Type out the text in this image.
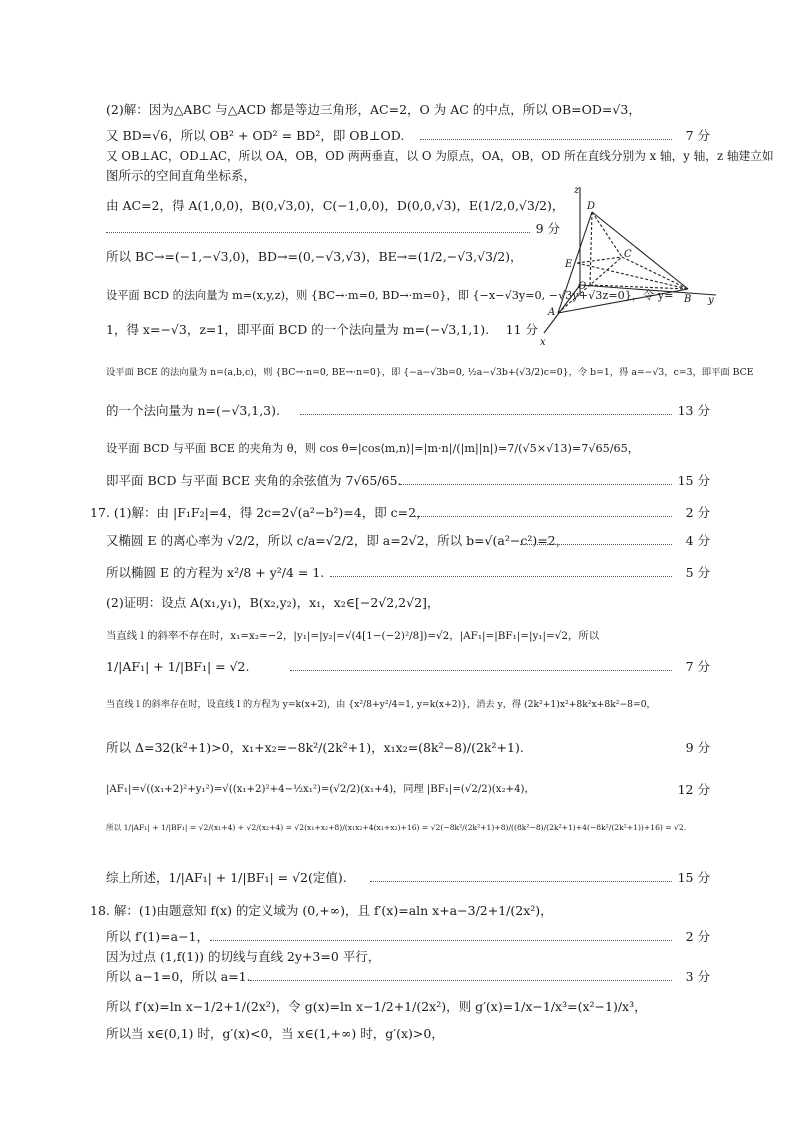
(2)解：因为△ABC 与△ACD 都是等边三角形，AC=2，O 为 AC 的中点，所以 OB=OD=√3，
又 BD=√6，所以 OB² + OD² = BD²，即 OB⊥OD.	7 分
又 OB⊥AC，OD⊥AC，所以 OA，OB，OD 两两垂直，以 O 为原点，OA，OB，OD 所在直线分别为 x 轴，y 轴，z 轴建立如
图所示的空间直角坐标系，
由 AC=2，得 A(1,0,0)，B(0,√3,0)，C(−1,0,0)，D(0,0,√3)，E(1/2,0,√3/2)，
9 分
所以 BC→=(−1,−√3,0)，BD→=(0,−√3,√3)，BE→=(1/2,−√3,√3/2)，
设平面 BCD 的法向量为 m=(x,y,z)，则 {BC→·m=0, BD→·m=0}，即 {−x−√3y=0, −√3y+√3z=0}，令 y=
1，得 x=−√3，z=1，即平面 BCD 的一个法向量为 m=(−√3,1,1). 11 分
设平面 BCE 的法向量为 n=(a,b,c)，则 {BC→·n=0, BE→·n=0}，即 {−a−√3b=0, ½a−√3b+(√3/2)c=0}，令 b=1，得 a=−√3，c=3，即平面 BCE
的一个法向量为 n=(−√3,1,3).	13 分
设平面 BCD 与平面 BCE 的夹角为 θ，则 cos θ=|cos⟨m,n⟩|=|m·n|/(|m||n|)=7/(√5×√13)=7√65/65，
即平面 BCD 与平面 BCE 夹角的余弦值为 7√65/65.	15 分
17. (1)解：由 |F₁F₂|=4，得 2c=2√(a²−b²)=4，即 c=2，	2 分
又椭圆 E 的离心率为 √2/2，所以 c/a=√2/2，即 a=2√2，所以 b=√(a²−c²)=2，	4 分
所以椭圆 E 的方程为 x²/8 + y²/4 = 1.	5 分
(2)证明：设点 A(x₁,y₁)，B(x₂,y₂)，x₁，x₂∈[−2√2,2√2]，
当直线 l 的斜率不存在时，x₁=x₂=−2，|y₁|=|y₂|=√(4[1−(−2)²/8])=√2，|AF₁|=|BF₁|=|y₁|=√2，所以
1/|AF₁| + 1/|BF₁| = √2.	7 分
当直线 l 的斜率存在时，设直线 l 的方程为 y=k(x+2)，由 {x²/8+y²/4=1, y=k(x+2)}，消去 y，得 (2k²+1)x²+8k²x+8k²−8=0，
所以 Δ=32(k²+1)>0，x₁+x₂=−8k²/(2k²+1)，x₁x₂=(8k²−8)/(2k²+1).	9 分
|AF₁|=√((x₁+2)²+y₁²)=√((x₁+2)²+4−½x₁²)=(√2/2)(x₁+4)，同理 |BF₁|=(√2/2)(x₂+4)，	12 分
所以 1/|AF₁| + 1/|BF₁| = √2/(x₁+4) + √2/(x₂+4) = √2(x₁+x₂+8)/(x₁x₂+4(x₁+x₂)+16) = √2(−8k²/(2k²+1)+8)/((8k²−8)/(2k²+1)+4(−8k²/(2k²+1))+16) = √2.
综上所述，1/|AF₁| + 1/|BF₁| = √2(定值).	15 分
18. 解：(1)由题意知 f(x) 的定义域为 (0,+∞)，且 f′(x)=aln x+a−3/2+1/(2x²)，
所以 f′(1)=a−1，	2 分
因为过点 (1,f(1)) 的切线与直线 2y+3=0 平行，
所以 a−1=0，所以 a=1.	3 分
所以 f′(x)=ln x−1/2+1/(2x²)，令 g(x)=ln x−1/2+1/(2x²)，则 g′(x)=1/x−1/x³=(x²−1)/x³，
所以当 x∈(0,1) 时，g′(x)<0，当 x∈(1,+∞) 时，g′(x)>0，
z
D
E
C
O
B y
A
x
